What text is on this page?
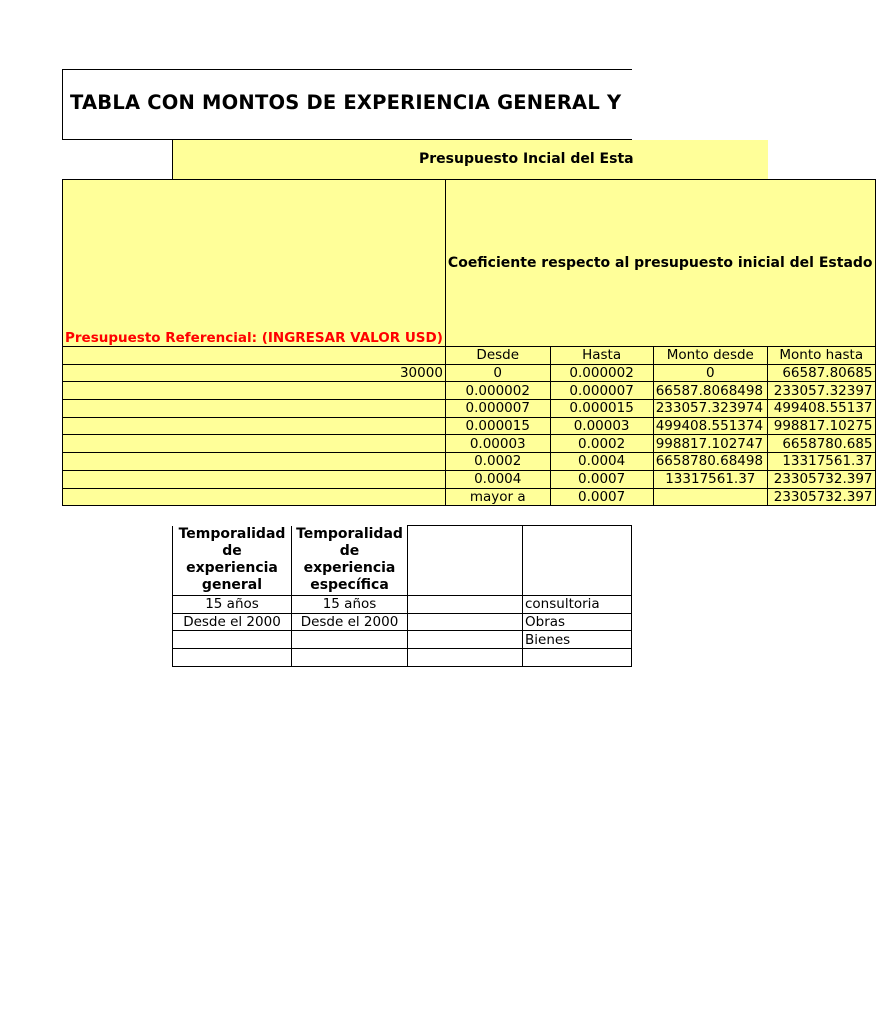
TABLA CON MONTOS DE EXPERIENCIA GENERAL Y
Presupuesto Incial del Esta
Presupuesto Referencial: (INGRESAR VALOR USD)	Coeficiente respecto al presupuesto inicial del Estado			
	Desde	Hasta	Monto desde	Monto hasta
30000	0	0.000002	0	66587.80685
	0.000002	0.000007	66587.8068498	233057.32397
	0.000007	0.000015	233057.323974	499408.55137
	0.000015	0.00003	499408.551374	998817.10275
	0.00003	0.0002	998817.102747	6658780.685
	0.0002	0.0004	6658780.68498	13317561.37
	0.0004	0.0007	13317561.37	23305732.397
	mayor a	0.0007		23305732.397
Temporalidad de experiencia general	Temporalidad de experiencia específica		
15 años	15 años		consultoria
Desde el 2000	Desde el 2000		Obras
			Bienes
